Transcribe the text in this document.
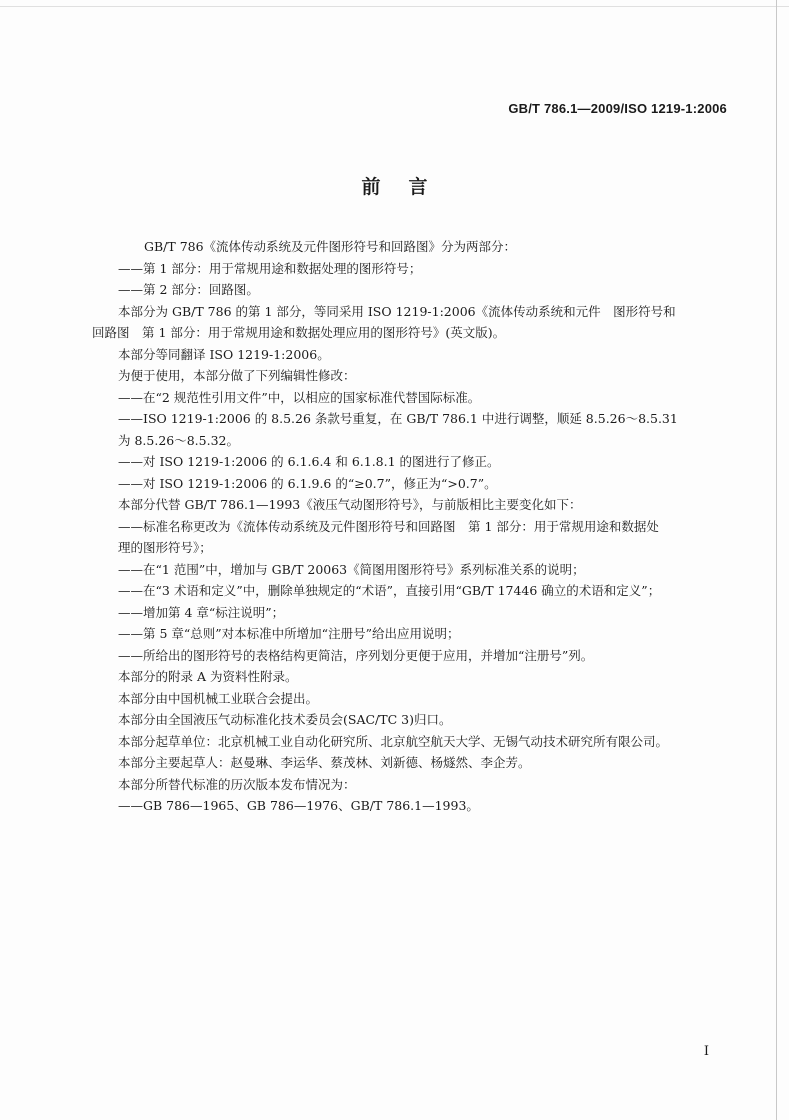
GB/T 786.1—2009/ISO 1219-1:2006
前言

GB/T 786《流体传动系统及元件图形符号和回路图》分为两部分：

——第 1 部分：用于常规用途和数据处理的图形符号；

——第 2 部分：回路图。

本部分为 GB/T 786 的第 1 部分，等同采用 ISO 1219-1:2006《流体传动系统和元件　图形符号和

回路图　第 1 部分：用于常规用途和数据处理应用的图形符号》(英文版)。

本部分等同翻译 ISO 1219-1:2006。

为便于使用，本部分做了下列编辑性修改：

——在“2 规范性引用文件”中，以相应的国家标准代替国际标准。

——ISO 1219-1:2006 的 8.5.26 条款号重复，在 GB/T 786.1 中进行调整，顺延 8.5.26～8.5.31

为 8.5.26～8.5.32。

——对 ISO 1219-1:2006 的 6.1.6.4 和 6.1.8.1 的图进行了修正。

——对 ISO 1219-1:2006 的 6.1.9.6 的“≥0.7”，修正为“>0.7”。

本部分代替 GB/T 786.1—1993《液压气动图形符号》，与前版相比主要变化如下：

——标准名称更改为《流体传动系统及元件图形符号和回路图　第 1 部分：用于常规用途和数据处

理的图形符号》；

——在“1 范围”中，增加与 GB/T 20063《简图用图形符号》系列标准关系的说明；

——在“3 术语和定义”中，删除单独规定的“术语”，直接引用“GB/T 17446 确立的术语和定义”；

——增加第 4 章“标注说明”；

——第 5 章“总则”对本标准中所增加“注册号”给出应用说明；

——所给出的图形符号的表格结构更简洁，序列划分更便于应用，并增加“注册号”列。

本部分的附录 A 为资料性附录。

本部分由中国机械工业联合会提出。

本部分由全国液压气动标准化技术委员会(SAC/TC 3)归口。

本部分起草单位：北京机械工业自动化研究所、北京航空航天大学、无锡气动技术研究所有限公司。

本部分主要起草人：赵曼琳、李运华、蔡茂林、刘新德、杨燧然、李企芳。

本部分所替代标准的历次版本发布情况为：

——GB 786—1965、GB 786—1976、GB/T 786.1—1993。

I
